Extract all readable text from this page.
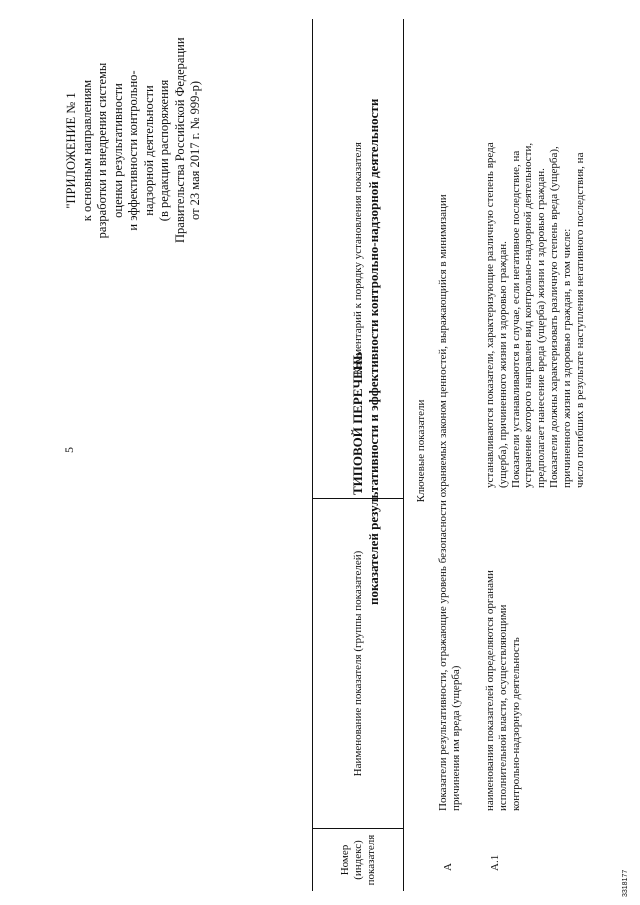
5
"ПРИЛОЖЕНИЕ № 1 к основным направлениям разработки и внедрения системы оценки результативности и эффективности контрольно- надзорной деятельности (в редакции распоряжения Правительства Российской Федерации от 23 мая 2017 г. № 999-р)
ТИПОВОЙ ПЕРЕЧЕНЬ показателей результативности и эффективности контрольно-надзорной деятельности
Номер (индекс) показателя
Наименование показателя (группы показателей)
Комментарий к порядку установления показателя
Ключевые показатели
А
Показатели результативности, отражающие уровень безопасности охраняемых законом ценностей, выражающийся в минимизации причинения им вреда (ущерба)
А.1
наименования показателей определяются органами исполнительной власти, осуществляющими контрольно-надзорную деятельность
устанавливаются показатели, характеризующие различную степень вреда (ущерба), причиненного жизни и здоровью граждан. Показатели устанавливаются в случае, если негативное последствие, на устранение которого направлен вид контрольно-надзорной деятельности, предполагает нанесение вреда (ущерба) жизни и здоровью граждан. Показатели должны характеризовать различную степень вреда (ущерба), причиненного жизни и здоровью граждан, в том числе: число погибших в результате наступления негативного последствия, на
3318177
